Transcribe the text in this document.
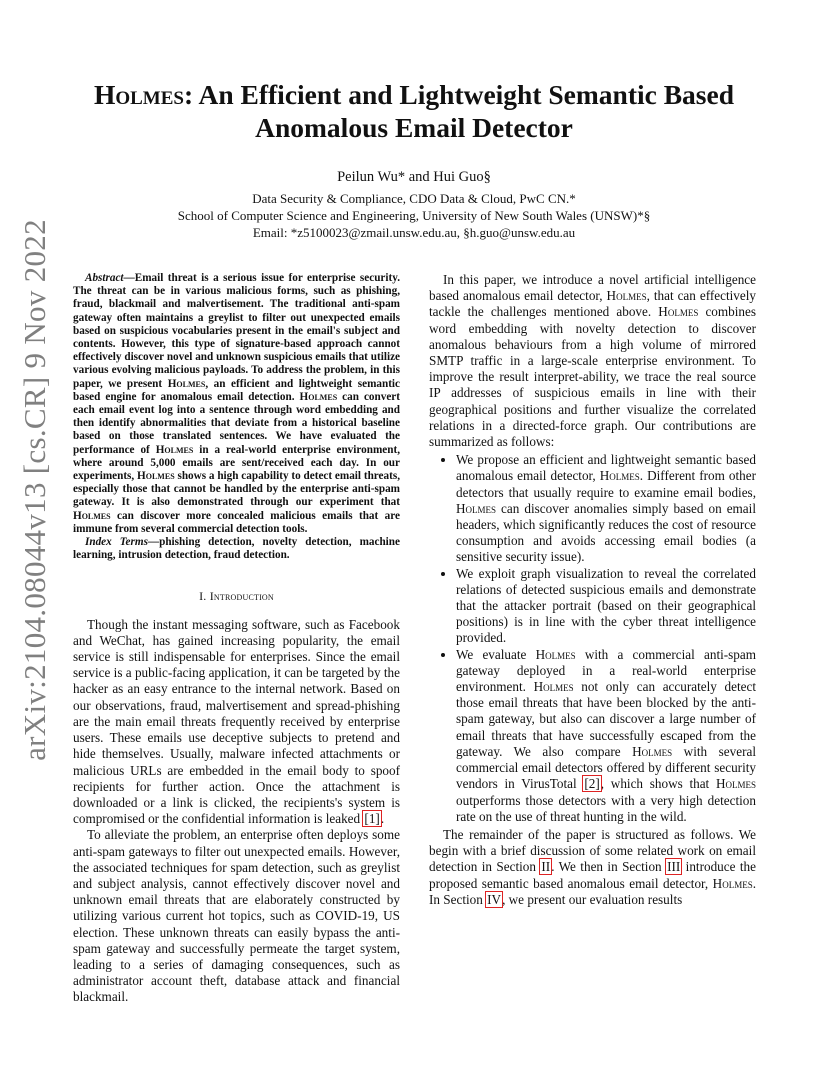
arXiv:2104.08044v13 [cs.CR] 9 Nov 2022
Holmes: An Efficient and Lightweight Semantic Based
Anomalous Email Detector
Peilun Wu* and Hui Guo§
Data Security & Compliance, CDO Data & Cloud, PwC CN.*
School of Computer Science and Engineering, University of New South Wales (UNSW)*§
Email: *z5100023@zmail.unsw.edu.au, §h.guo@unsw.edu.au

Abstract—Email threat is a serious issue for enterprise security. The threat can be in various malicious forms, such as phishing, fraud, blackmail and malvertisement. The traditional anti-spam gateway often maintains a greylist to filter out unexpected emails based on suspicious vocabularies present in the email's subject and contents. However, this type of signature-based approach cannot effectively discover novel and unknown suspicious emails that utilize various evolving malicious payloads. To address the problem, in this paper, we present Holmes, an efficient and lightweight semantic based engine for anomalous email detection. Holmes can convert each email event log into a sentence through word embedding and then identify abnormalities that deviate from a historical baseline based on those translated sentences. We have evaluated the performance of Holmes in a real-world enterprise environment, where around 5,000 emails are sent/received each day. In our experiments, Holmes shows a high capability to detect email threats, especially those that cannot be handled by the enterprise anti-spam gateway. It is also demonstrated through our experiment that Holmes can discover more concealed malicious emails that are immune from several commercial detection tools.

Index Terms—phishing detection, novelty detection, machine learning, intrusion detection, fraud detection.

I. Introduction

Though the instant messaging software, such as Facebook and WeChat, has gained increasing popularity, the email service is still indispensable for enterprises. Since the email service is a public-facing application, it can be targeted by the hacker as an easy entrance to the internal network. Based on our observations, fraud, malvertisement and spread-phishing are the main email threats frequently received by enterprise users. These emails use deceptive subjects to pretend and hide themselves. Usually, malware infected attachments or malicious URLs are embedded in the email body to spoof recipients for further action. Once the attachment is downloaded or a link is clicked, the recipients's system is compromised or the confidential information is leaked [1].

To alleviate the problem, an enterprise often deploys some anti-spam gateways to filter out unexpected emails. However, the associated techniques for spam detection, such as greylist and subject analysis, cannot effectively discover novel and unknown email threats that are elaborately constructed by utilizing various current hot topics, such as COVID-19, US election. These unknown threats can easily bypass the anti-spam gateway and successfully permeate the target system, leading to a series of damaging consequences, such as administrator account theft, database attack and financial blackmail.

In this paper, we introduce a novel artificial intelligence based anomalous email detector, Holmes, that can effectively tackle the challenges mentioned above. Holmes combines word embedding with novelty detection to discover anomalous behaviours from a high volume of mirrored SMTP traffic in a large-scale enterprise environment. To improve the result interpret-ability, we trace the real source IP addresses of suspicious emails in line with their geographical positions and further visualize the correlated relations in a directed-force graph. Our contributions are summarized as follows:

• We propose an efficient and lightweight semantic based anomalous email detector, Holmes. Different from other detectors that usually require to examine email bodies, Holmes can discover anomalies simply based on email headers, which significantly reduces the cost of resource consumption and avoids accessing email bodies (a sensitive security issue).
• We exploit graph visualization to reveal the correlated relations of detected suspicious emails and demonstrate that the attacker portrait (based on their geographical positions) is in line with the cyber threat intelligence provided.
• We evaluate Holmes with a commercial anti-spam gateway deployed in a real-world enterprise environment. Holmes not only can accurately detect those email threats that have been blocked by the anti-spam gateway, but also can discover a large number of email threats that have successfully escaped from the gateway. We also compare Holmes with several commercial email detectors offered by different security vendors in VirusTotal [2], which shows that Holmes outperforms those detectors with a very high detection rate on the use of threat hunting in the wild.

The remainder of the paper is structured as follows. We begin with a brief discussion of some related work on email detection in Section II. We then in Section III introduce the proposed semantic based anomalous email detector, Holmes. In Section IV, we present our evaluation results
